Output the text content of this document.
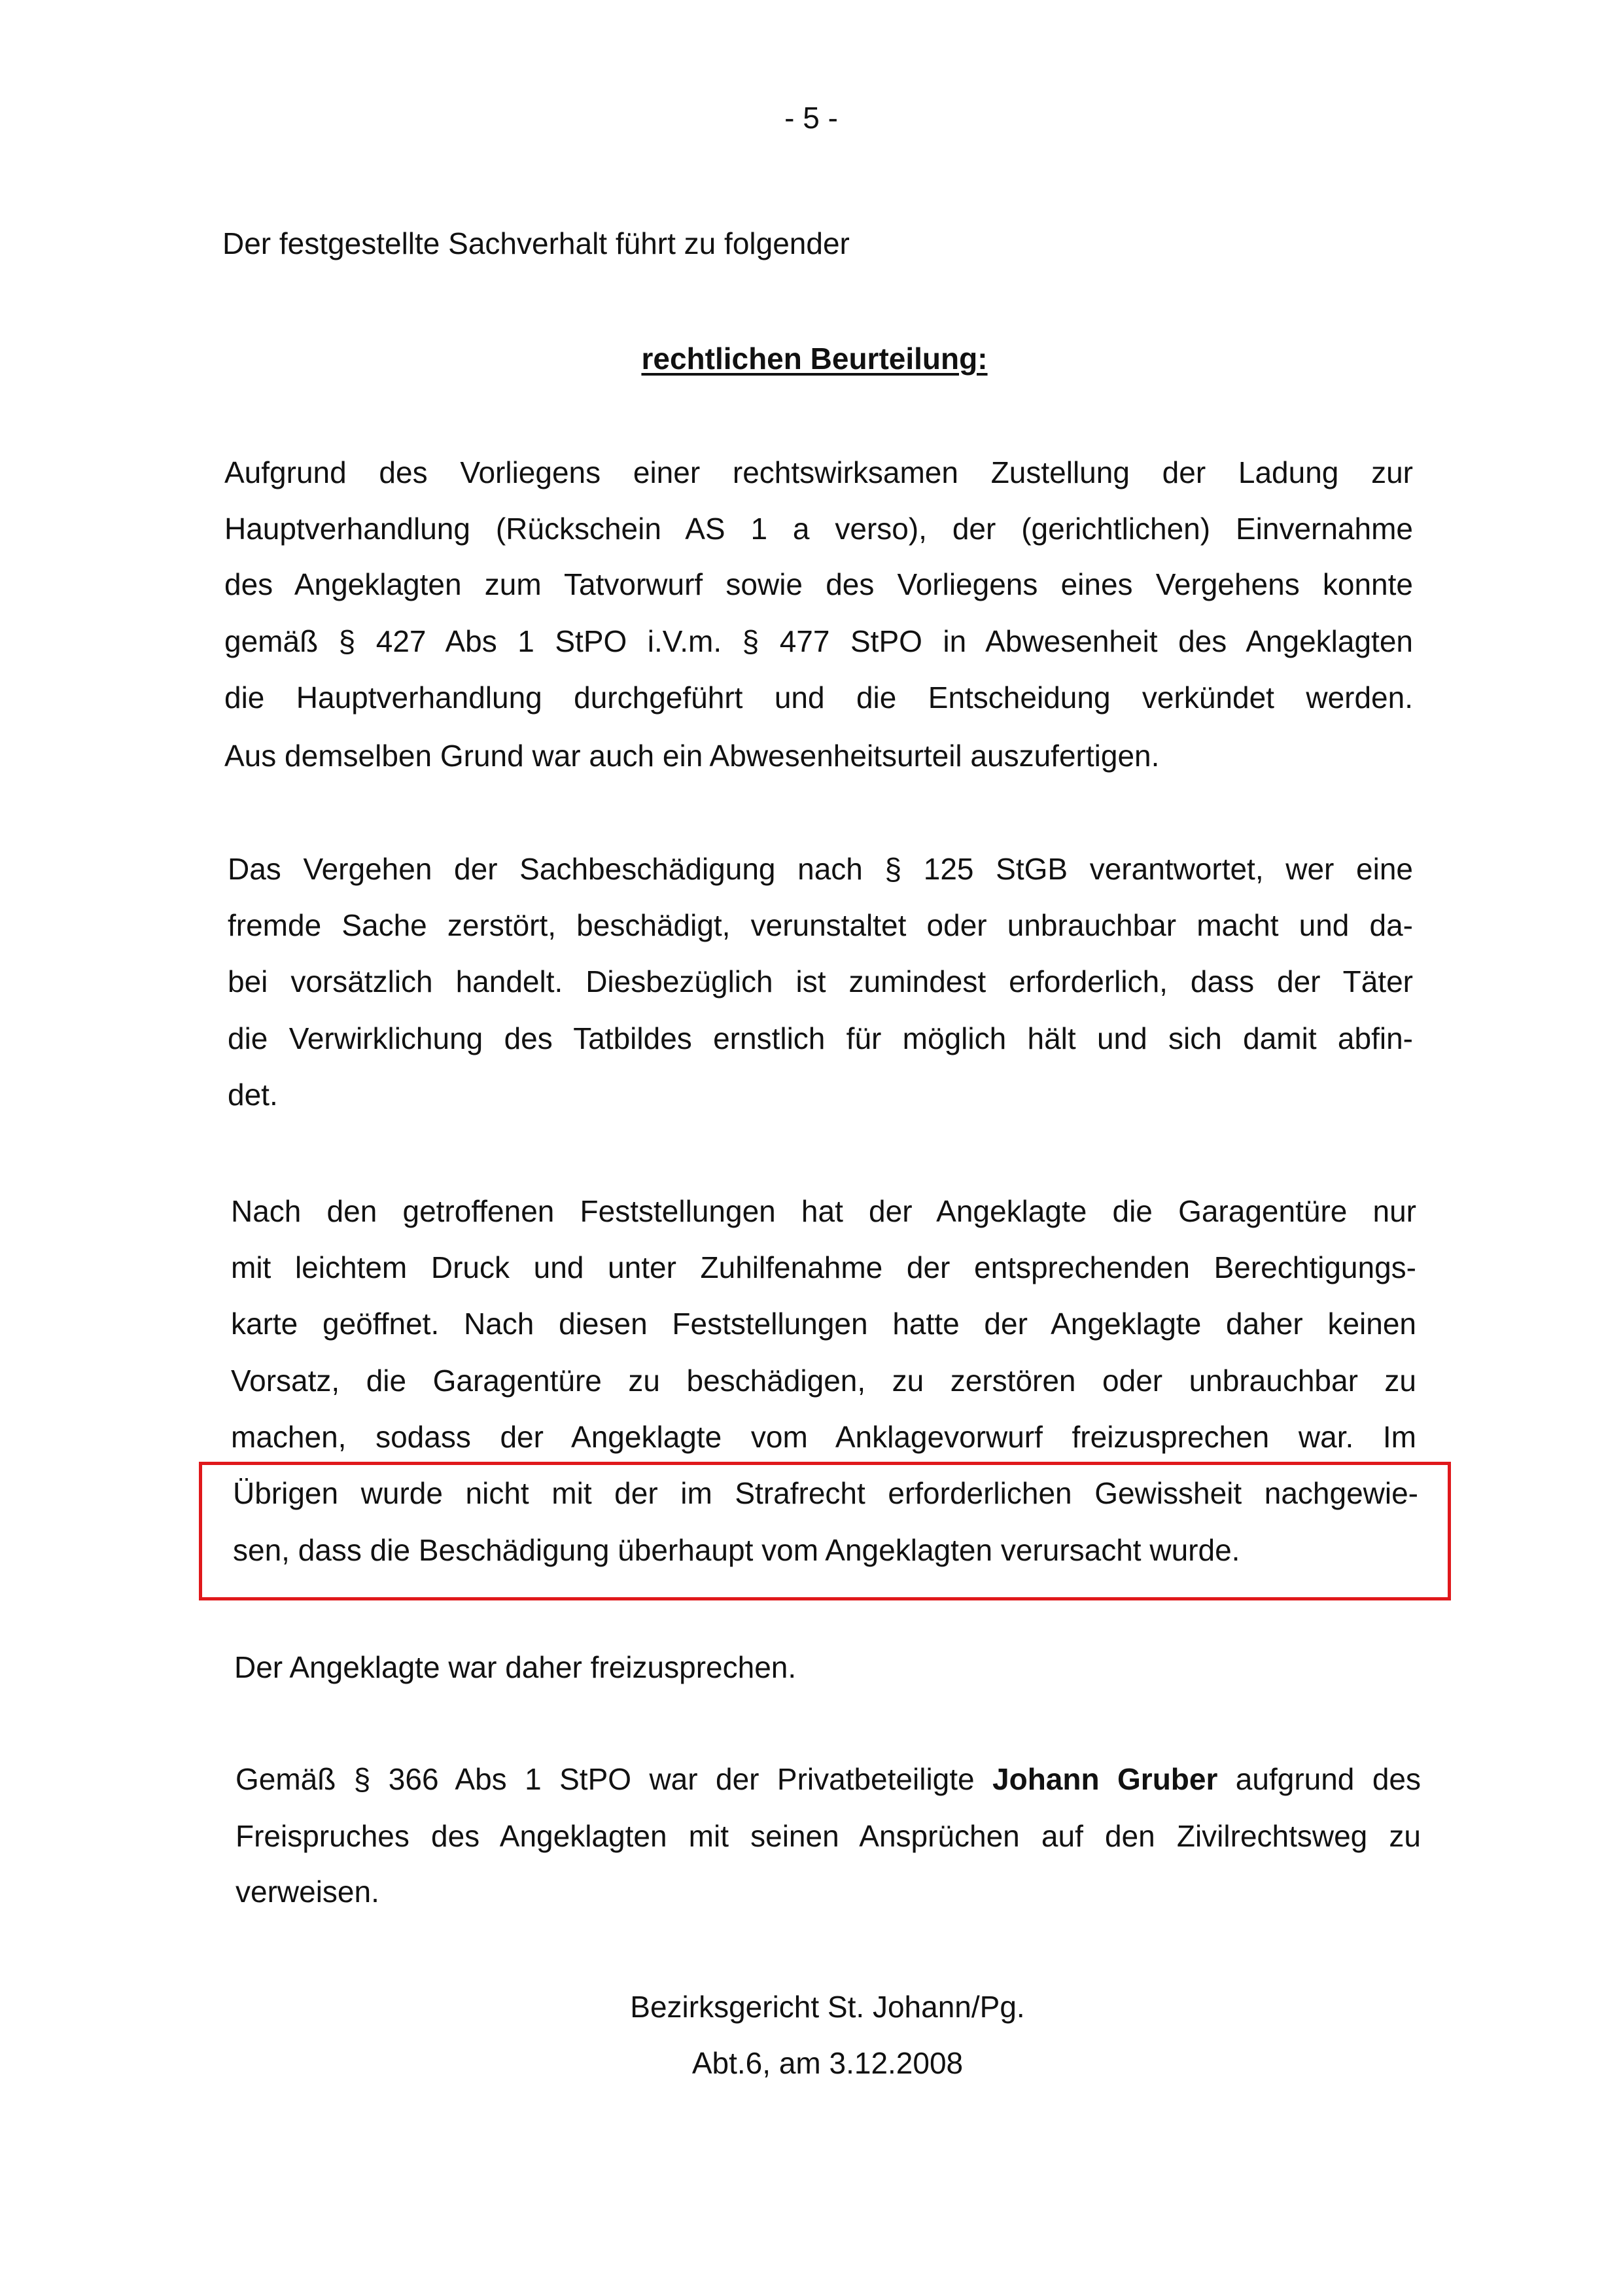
- 5 -
Der festgestellte Sachverhalt führt zu folgender
rechtlichen Beurteilung:
Aufgrund des Vorliegens einer rechtswirksamen Zustellung der Ladung zur
Hauptverhandlung (Rückschein AS 1 a verso), der (gerichtlichen) Einvernahme
des Angeklagten zum Tatvorwurf sowie des Vorliegens eines Vergehens konnte
gemäß § 427 Abs 1 StPO i.V.m. § 477 StPO in Abwesenheit des Angeklagten
die Hauptverhandlung durchgeführt und die Entscheidung verkündet werden.
Aus demselben Grund war auch ein Abwesenheitsurteil auszufertigen.
Das Vergehen der Sachbeschädigung nach § 125 StGB verantwortet, wer eine
fremde Sache zerstört, beschädigt, verunstaltet oder unbrauchbar macht und da-
bei vorsätzlich handelt. Diesbezüglich ist zumindest erforderlich, dass der Täter
die Verwirklichung des Tatbildes ernstlich für möglich hält und sich damit abfin-
det.
Nach den getroffenen Feststellungen hat der Angeklagte die Garagentüre nur
mit leichtem Druck und unter Zuhilfenahme der entsprechenden Berechtigungs-
karte geöffnet. Nach diesen Feststellungen hatte der Angeklagte daher keinen
Vorsatz, die Garagentüre zu beschädigen, zu zerstören oder unbrauchbar zu
machen, sodass der Angeklagte vom Anklagevorwurf freizusprechen war. Im
Übrigen wurde nicht mit der im Strafrecht erforderlichen Gewissheit nachgewie-
sen, dass die Beschädigung überhaupt vom Angeklagten verursacht wurde.
Der Angeklagte war daher freizusprechen.
Gemäß § 366 Abs 1 StPO war der Privatbeteiligte Johann Gruber aufgrund des
Freispruches des Angeklagten mit seinen Ansprüchen auf den Zivilrechtsweg zu
verweisen.
Bezirksgericht St. Johann/Pg.
Abt.6, am 3.12.2008
